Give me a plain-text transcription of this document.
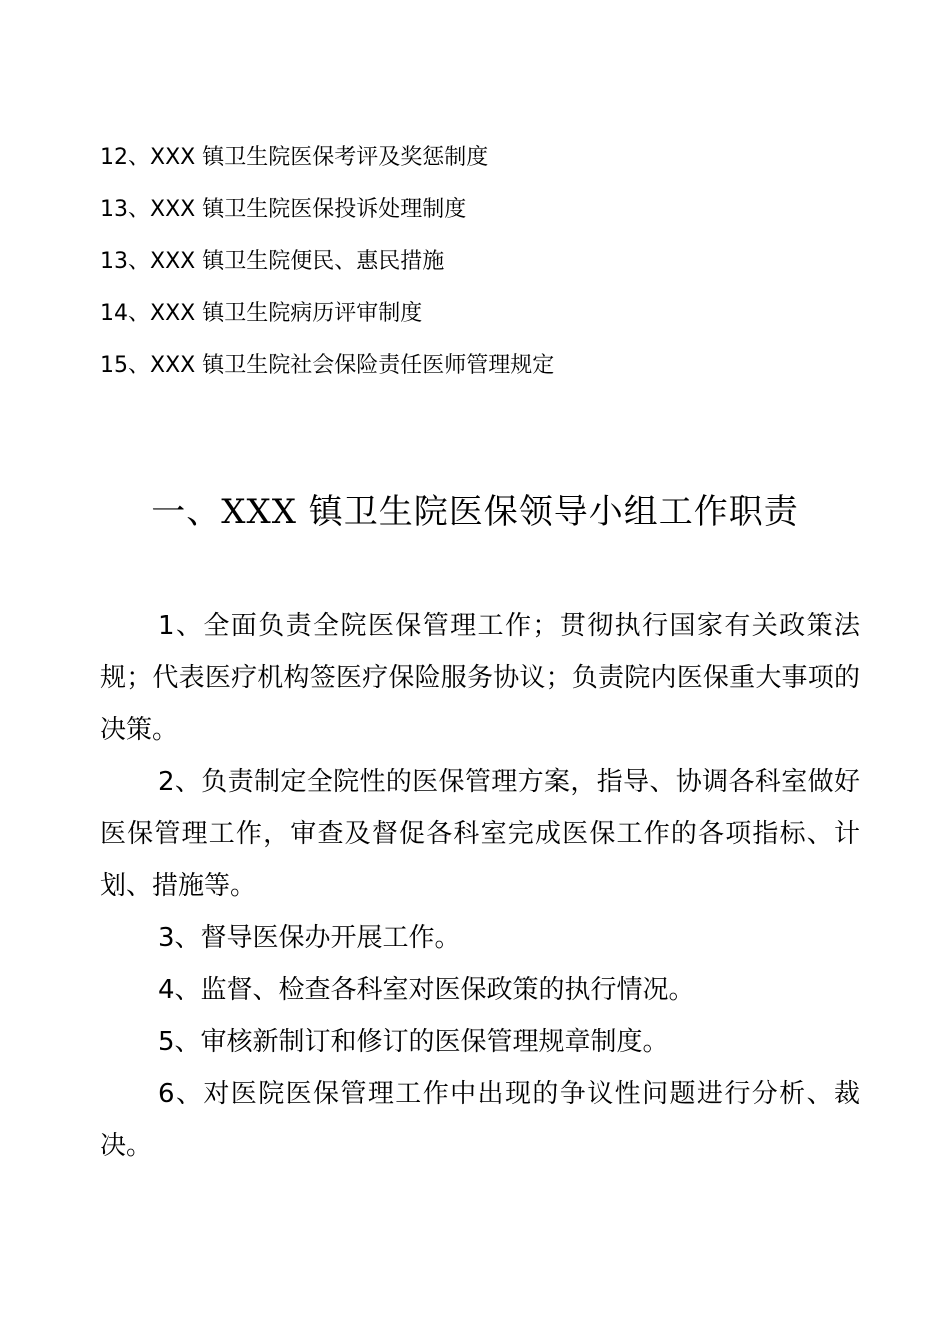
12、XXX 镇卫生院医保考评及奖惩制度
13、XXX 镇卫生院医保投诉处理制度
13、XXX 镇卫生院便民、惠民措施
14、XXX 镇卫生院病历评审制度
15、XXX 镇卫生院社会保险责任医师管理规定
一、XXX 镇卫生院医保领导小组工作职责

1、全面负责全院医保管理工作；贯彻执行国家有关政策法规；代表医疗机构签医疗保险服务协议；负责院内医保重大事项的决策。

2、负责制定全院性的医保管理方案，指导、协调各科室做好医保管理工作，审查及督促各科室完成医保工作的各项指标、计划、措施等。

3、督导医保办开展工作。

4、监督、检查各科室对医保政策的执行情况。

5、审核新制订和修订的医保管理规章制度。

6、对医院医保管理工作中出现的争议性问题进行分析、裁决。
